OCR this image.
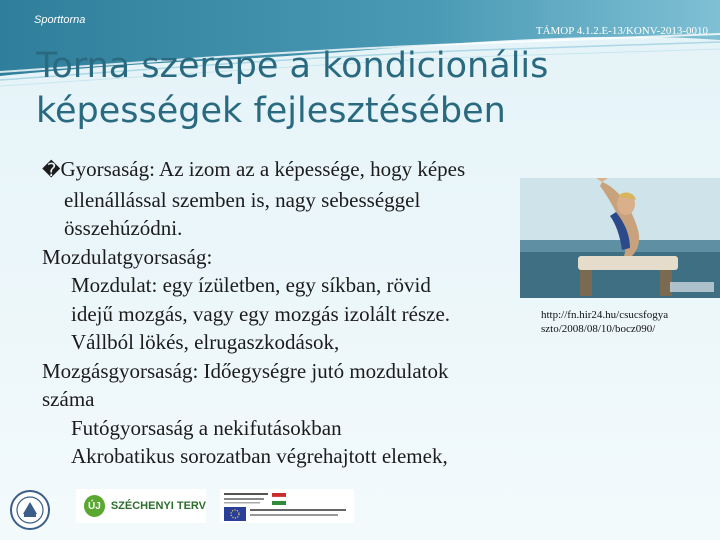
Sporttorna
TÁMOP 4.1.2.E-13/KONV-2013-0010
Torna szerepe a kondicionális
képességek fejlesztésében
�Gyorsaság: Az izom az a képessége, hogy képes
ellenállással szemben is, nagy sebességgel
összehúzódni.
Mozdulatgyorsaság:
Mozdulat: egy ízületben, egy síkban, rövid
idejű mozgás, vagy egy mozgás izolált része.
Vállból lökés, elrugaszkodások,
Mozgásgyorsaság: Időegységre jutó mozdulatok
száma
Futógyorsaság a nekifutásokban
Akrobatikus sorozatban végrehajtott elemek,
http://fn.hir24.hu/csucsfogya
szto/2008/08/10/bocz090/
ÚJ SZÉCHENYI TERV
